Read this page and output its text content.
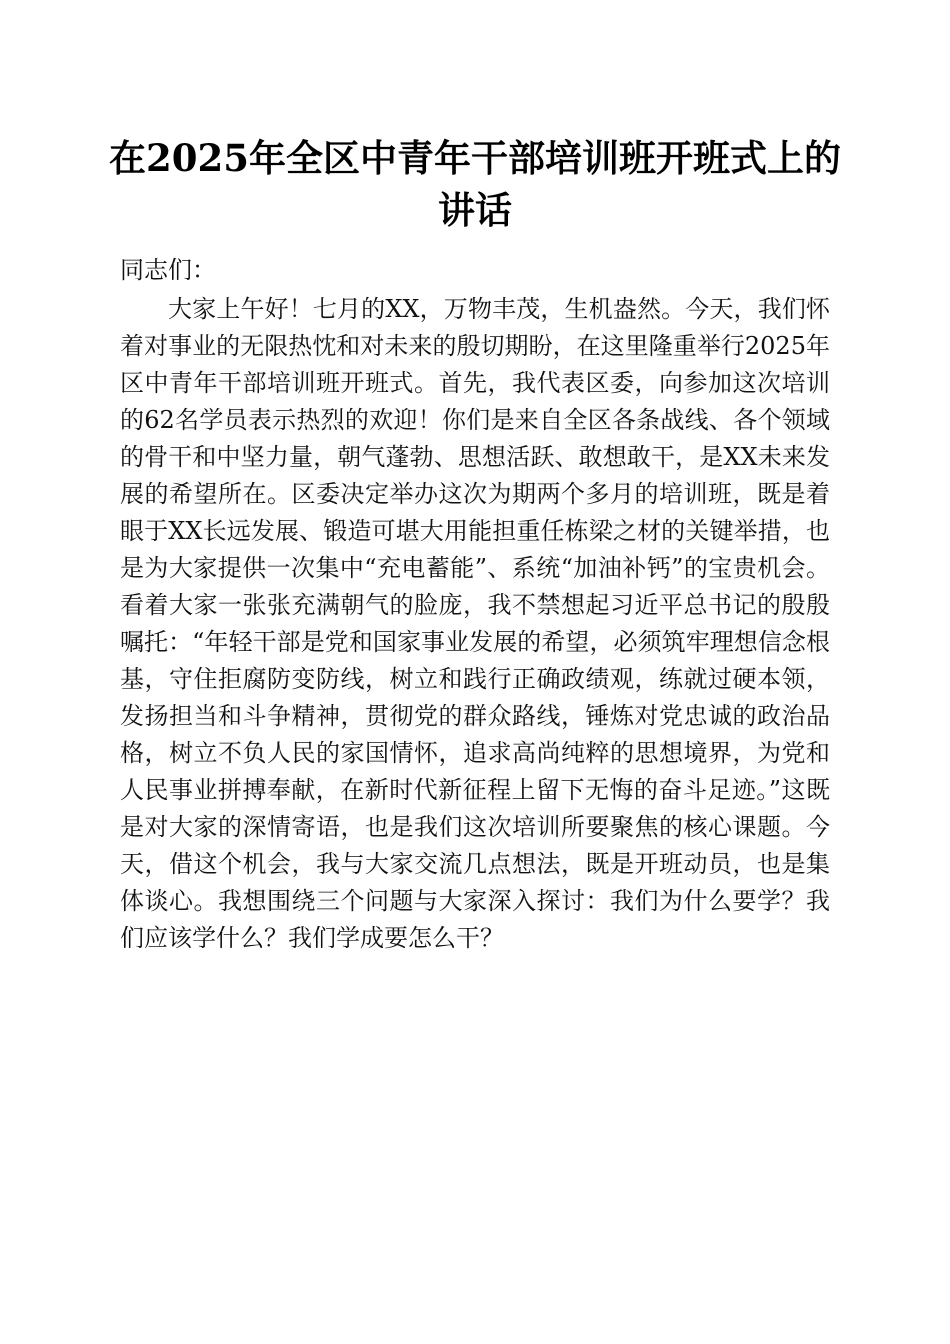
在2025年全区中青年干部培训班开班式上的
讲话

同志们：

大家上午好！七月的XX，万物丰茂，生机盎然。今天，我们怀着对事业的无限热忱和对未来的殷切期盼，在这里隆重举行2025年区中青年干部培训班开班式。首先，我代表区委，向参加这次培训的62名学员表示热烈的欢迎！你们是来自全区各条战线、各个领域的骨干和中坚力量，朝气蓬勃、思想活跃、敢想敢干，是XX未来发展的希望所在。区委决定举办这次为期两个多月的培训班，既是着眼于XX长远发展、锻造可堪大用能担重任栋梁之材的关键举措，也是为大家提供一次集中“充电蓄能”、系统“加油补钙”的宝贵机会。看着大家一张张充满朝气的脸庞，我不禁想起习近平总书记的殷殷嘱托：“年轻干部是党和国家事业发展的希望，必须筑牢理想信念根基，守住拒腐防变防线，树立和践行正确政绩观，练就过硬本领，发扬担当和斗争精神，贯彻党的群众路线，锤炼对党忠诚的政治品格，树立不负人民的家国情怀，追求高尚纯粹的思想境界，为党和人民事业拼搏奉献，在新时代新征程上留下无悔的奋斗足迹。”这既是对大家的深情寄语，也是我们这次培训所要聚焦的核心课题。今天，借这个机会，我与大家交流几点想法，既是开班动员，也是集体谈心。我想围绕三个问题与大家深入探讨：我们为什么要学？我们应该学什么？我们学成要怎么干？
